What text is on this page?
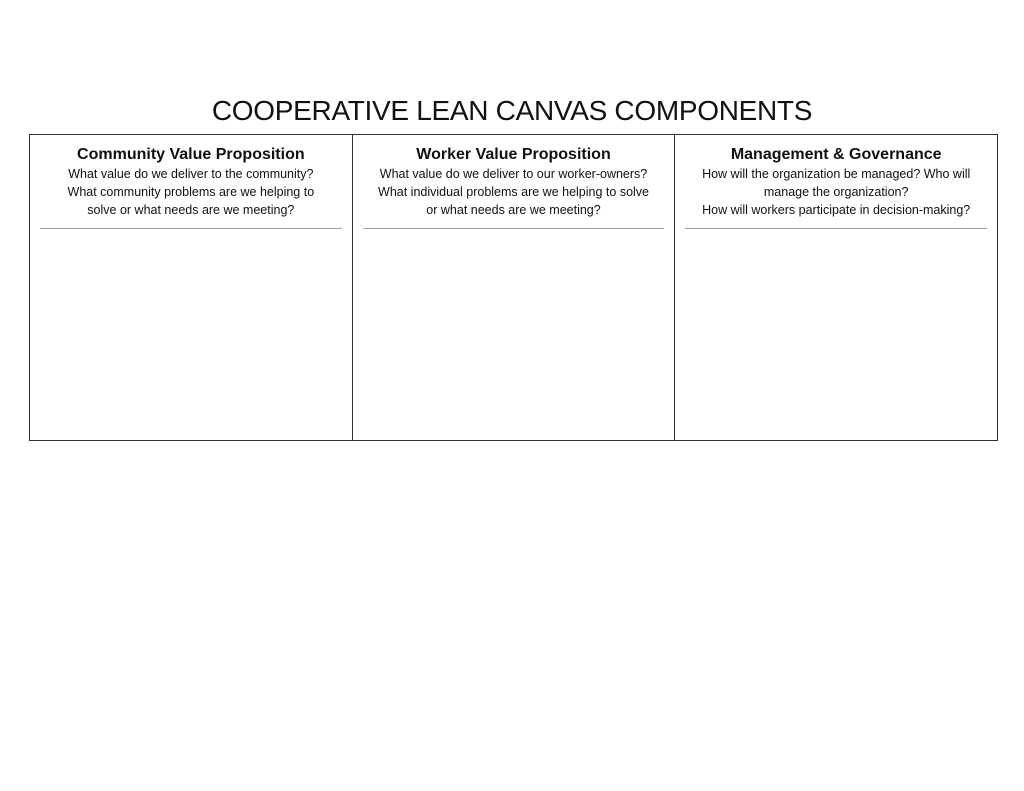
COOPERATIVE LEAN CANVAS COMPONENTS
Community Value Proposition
What value do we deliver to the community?
What community problems are we helping to
solve or what needs are we meeting?
Worker Value Proposition
What value do we deliver to our worker-owners?
What individual problems are we helping to solve
or what needs are we meeting?
Management & Governance
How will the organization be managed? Who will
manage the organization?
How will workers participate in decision-making?
